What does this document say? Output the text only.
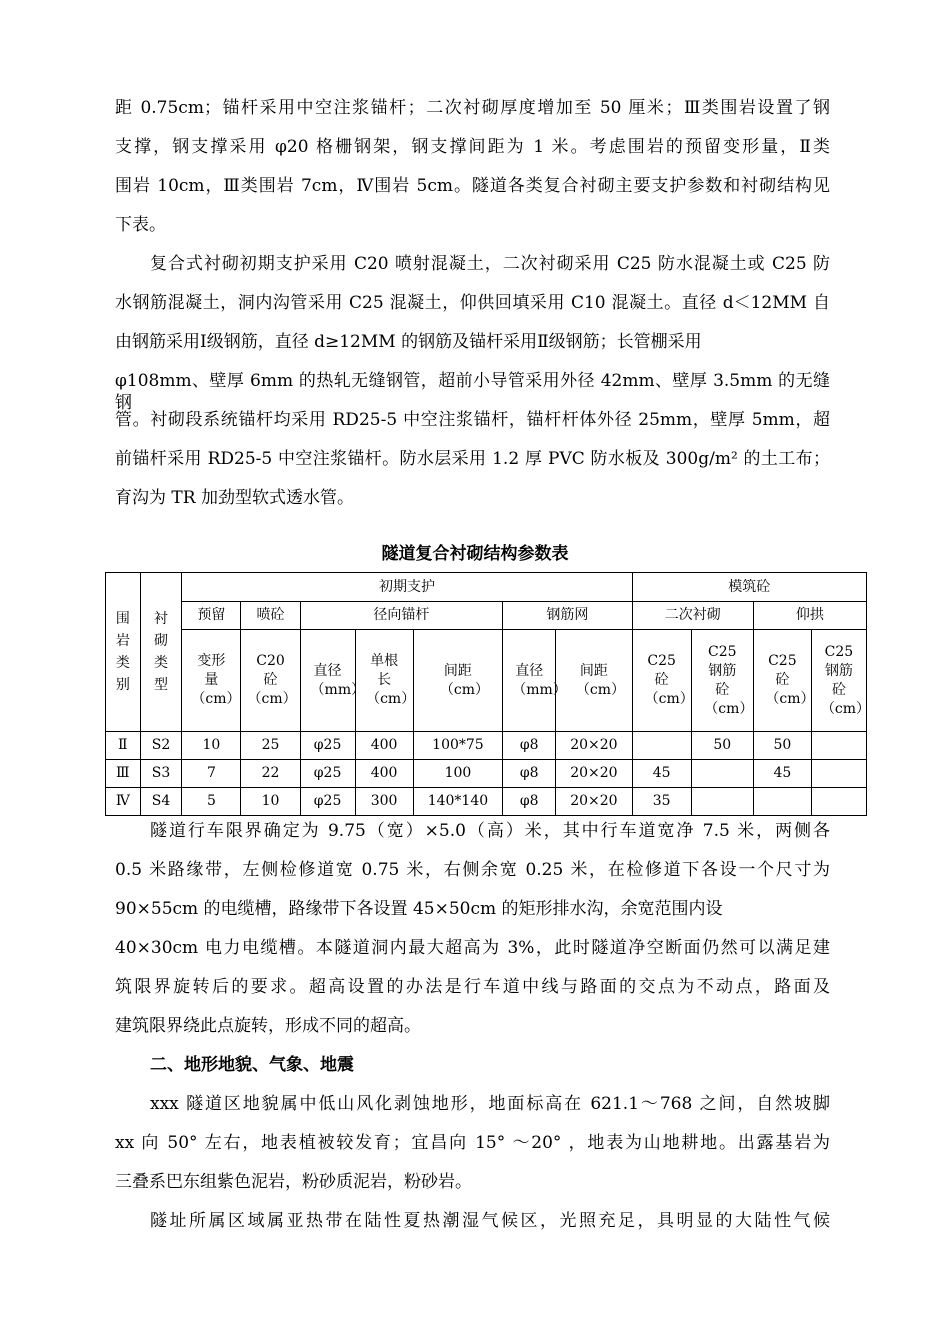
距 0.75cm；锚杆采用中空注浆锚杆；二次衬砌厚度增加至 50 厘米；Ⅲ类围岩设置了钢
支撑，钢支撑采用 φ20 格栅钢架，钢支撑间距为 1 米。考虑围岩的预留变形量，Ⅱ类
围岩 10cm，Ⅲ类围岩 7cm，Ⅳ围岩 5cm。隧道各类复合衬砌主要支护参数和衬砌结构见
下表。
复合式衬砌初期支护采用 C20 喷射混凝土，二次衬砌采用 C25 防水混凝土或 C25 防
水钢筋混凝土，洞内沟管采用 C25 混凝土，仰供回填采用 C10 混凝土。直径 d＜12MM 自
由钢筋采用Ⅰ级钢筋，直径 d≥12MM 的钢筋及锚杆采用Ⅱ级钢筋；长管棚采用
φ108mm、壁厚 6mm 的热轧无缝钢管，超前小导管采用外径 42mm、壁厚 3.5mm 的无缝钢
管。衬砌段系统锚杆均采用 RD25-5 中空注浆锚杆，锚杆杆体外径 25mm，壁厚 5mm，超
前锚杆采用 RD25-5 中空注浆锚杆。防水层采用 1.2 厚 PVC 防水板及 300g/m² 的土工布；
育沟为 TR 加劲型软式透水管。
隧道复合衬砌结构参数表
围岩类别	衬砌类型	初期支护							模筑砼			
		预留	喷砼	径向锚杆			钢筋网		二次衬砌		仰拱	

		变形量（cm）	C20 砼（cm）	直径（mm）	单根长（cm）	间距（cm）	直径（mm）	间距（cm）	C25 砼（cm）	C25 钢筋砼（cm）	C25 砼（cm）	C25 钢筋砼（cm）

Ⅱ	S2	10	25	φ25	400	100*75	φ8	20×20		50	50	
Ⅲ	S3	7	22	φ25	400	100	φ8	20×20	45		45	
Ⅳ	S4	5	10	φ25	300	140*140	φ8	20×20	35			
隧道行车限界确定为 9.75（宽）×5.0（高）米，其中行车道宽净 7.5 米，两侧各
0.5 米路缘带，左侧检修道宽 0.75 米，右侧余宽 0.25 米，在检修道下各设一个尺寸为
90×55cm 的电缆槽，路缘带下各设置 45×50cm 的矩形排水沟，余宽范围内设
40×30cm 电力电缆槽。本隧道洞内最大超高为 3%，此时隧道净空断面仍然可以满足建
筑限界旋转后的要求。超高设置的办法是行车道中线与路面的交点为不动点，路面及
建筑限界绕此点旋转，形成不同的超高。
二、地形地貌、气象、地震
xxx 隧道区地貌属中低山风化剥蚀地形，地面标高在 621.1～768 之间，自然坡脚
xx 向 50° 左右，地表植被较发育；宜昌向 15° ～20° ，地表为山地耕地。出露基岩为
三叠系巴东组紫色泥岩，粉砂质泥岩，粉砂岩。
隧址所属区域属亚热带在陆性夏热潮湿气候区，光照充足，具明显的大陆性气候
